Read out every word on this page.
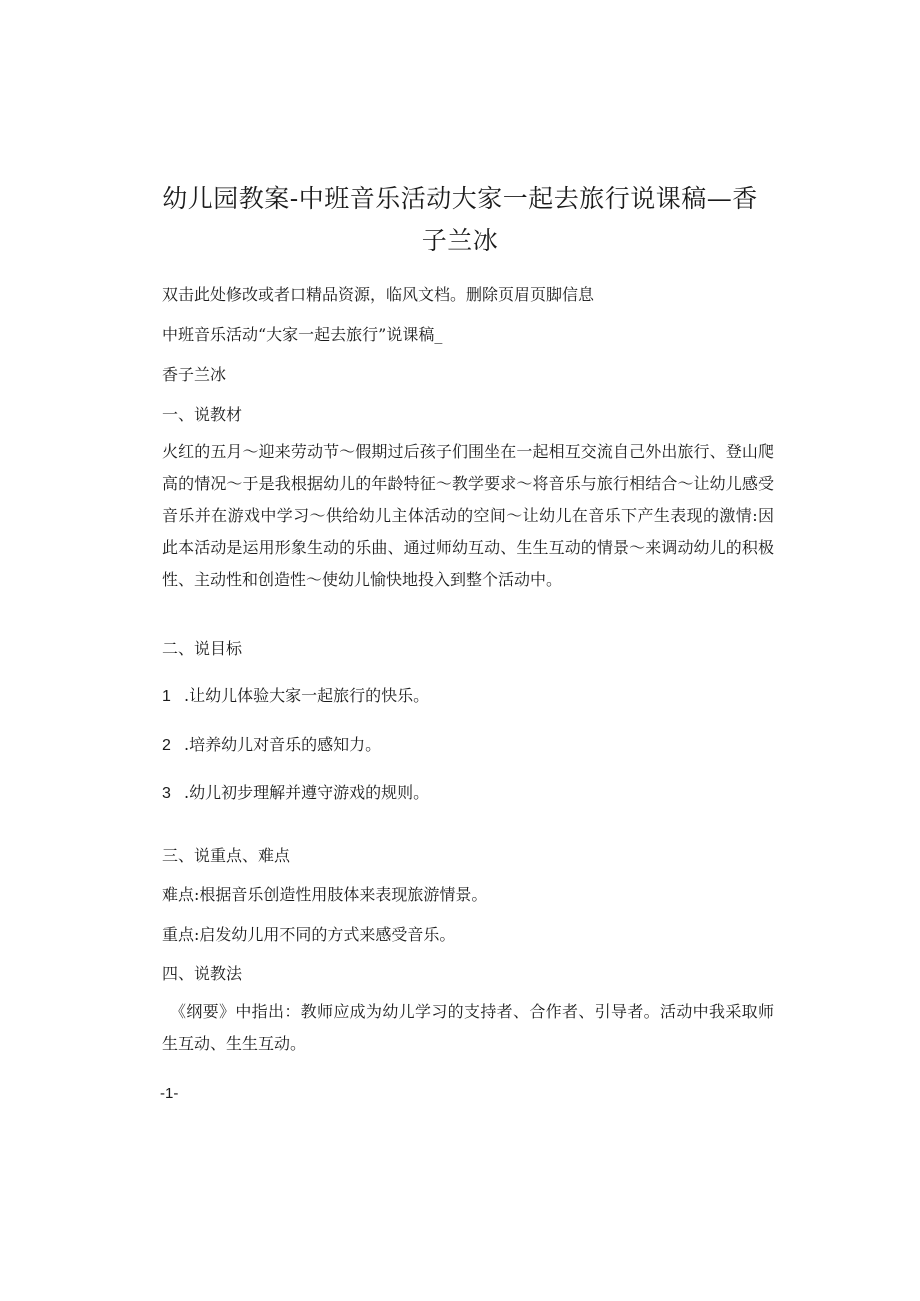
幼儿园教案-中班音乐活动大家一起去旅行说课稿—香子兰冰

双击此处修改或者口精品资源，临风文档。删除页眉页脚信息

中班音乐活动“大家一起去旅行”说课稿_

香子兰冰

一、说教材

火红的五月～迎来劳动节～假期过后孩子们围坐在一起相互交流自己外出旅行、登山爬高的情况～于是我根据幼儿的年龄特征～教学要求～将音乐与旅行相结合～让幼儿感受音乐并在游戏中学习～供给幼儿主体活动的空间～让幼儿在音乐下产生表现的激情:因此本活动是运用形象生动的乐曲、通过师幼互动、生生互动的情景～来调动幼儿的积极性、主动性和创造性～使幼儿愉快地投入到整个活动中。

二、说目标

1 .让幼儿体验大家一起旅行的快乐。

2 .培养幼儿对音乐的感知力。

3 .幼儿初步理解并遵守游戏的规则。

三、说重点、难点

难点:根据音乐创造性用肢体来表现旅游情景。

重点:启发幼儿用不同的方式来感受音乐。

四、说教法

《纲要》中指出：教师应成为幼儿学习的支持者、合作者、引导者。活动中我采取师生互动、生生互动。

-1-
